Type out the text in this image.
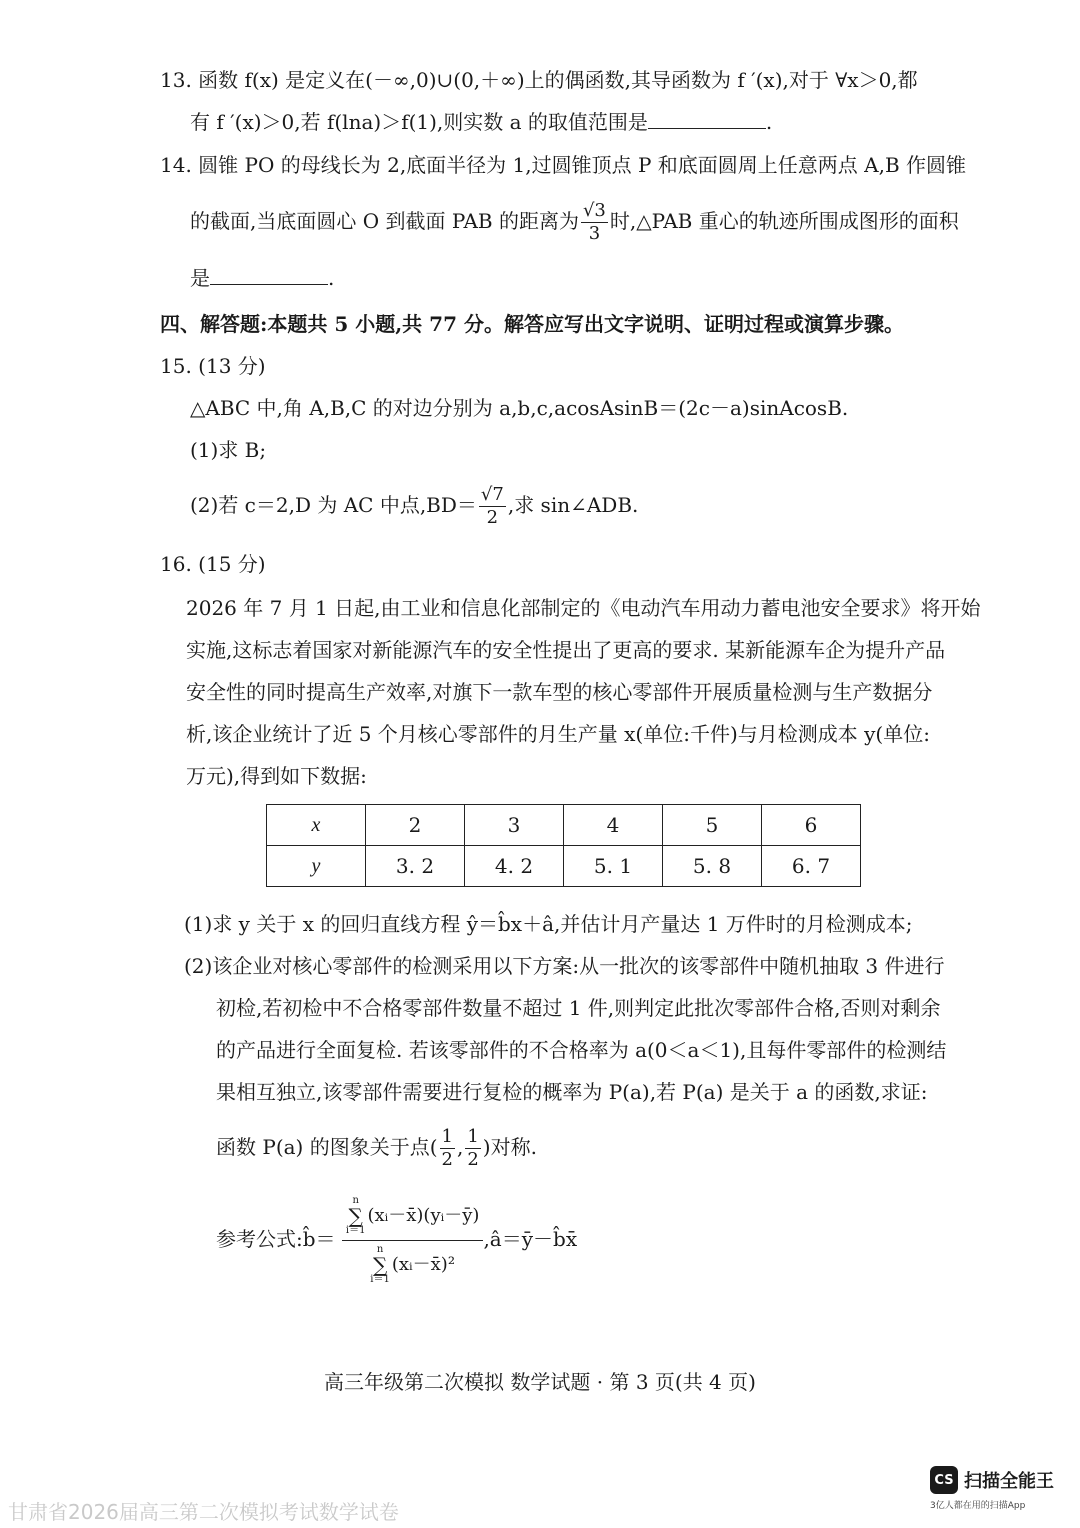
13. 函数 f(x) 是定义在(－∞,0)∪(0,＋∞)上的偶函数,其导函数为 f ′(x),对于 ∀x＞0,都
有 f ′(x)＞0,若 f(lna)＞f(1),则实数 a 的取值范围是	.
14. 圆锥 PO 的母线长为 2,底面半径为 1,过圆锥顶点 P 和底面圆周上任意两点 A,B 作圆锥
的截面,当底面圆心 O 到截面 PAB 的距离为 $\frac{√3}{3}$ 时,△PAB 重心的轨迹所围成图形的面积
是	.
四、解答题:本题共 5 小题,共 77 分。解答应写出文字说明、证明过程或演算步骤。
15. (13 分)
△ABC 中,角 A,B,C 的对边分别为 a,b,c,acosAsinB＝(2c－a)sinAcosB.
(1)求 B;
(2)若 c＝2,D 为 AC 中点$,BD= \frac{√7}{2}$ ,求 sin∠ADB.
16. (15 分)
2026 年 7 月 1 日起,由工业和信息化部制定的《电动汽车用动力蓄电池安全要求》将开始
实施,这标志着国家对新能源汽车的安全性提出了更高的要求. 某新能源车企为提升产品
安全性的同时提高生产效率,对旗下一款车型的核心零部件开展质量检测与生产数据分
析,该企业统计了近 5 个月核心零部件的月生产量 x(单位:千件)与月检测成本 y(单位:
万元),得到如下数据:
x	2	3	4	5	6
y	3. 2	4. 2	5. 1	5. 8	6. 7
(1)求 y 关于 x 的回归直线方程 ŷ＝b̂x＋â,并估计月产量达 1 万件时的月检测成本;
(2)该企业对核心零部件的检测采用以下方案:从一批次的该零部件中随机抽取 3 件进行
初检,若初检中不合格零部件数量不超过 1 件,则判定此批次零部件合格,否则对剩余
的产品进行全面复检. 若该零部件的不合格率为 a(0＜a＜1),且每件零部件的检测结
果相互独立,该零部件需要进行复检的概率为 P(a),若 P(a) 是关于 a 的函数,求证:
函数 P(a) 的图象关于点( $\frac{1}{2}$ , $\frac{1}{2}$ )对称.
参考公式:b̂＝ n
∑
i＝1
(xᵢ－x̄)(yᵢ－ȳ)
n
∑
i＝1
(xᵢ－x̄)² ,â＝ȳ－b̂x̄
高三年级第二次模拟 数学试题 · 第 3 页(共 4 页)
甘肃省2026届高三第二次模拟考试数学试卷
CS 扫描全能王
3亿人都在用的扫描App
